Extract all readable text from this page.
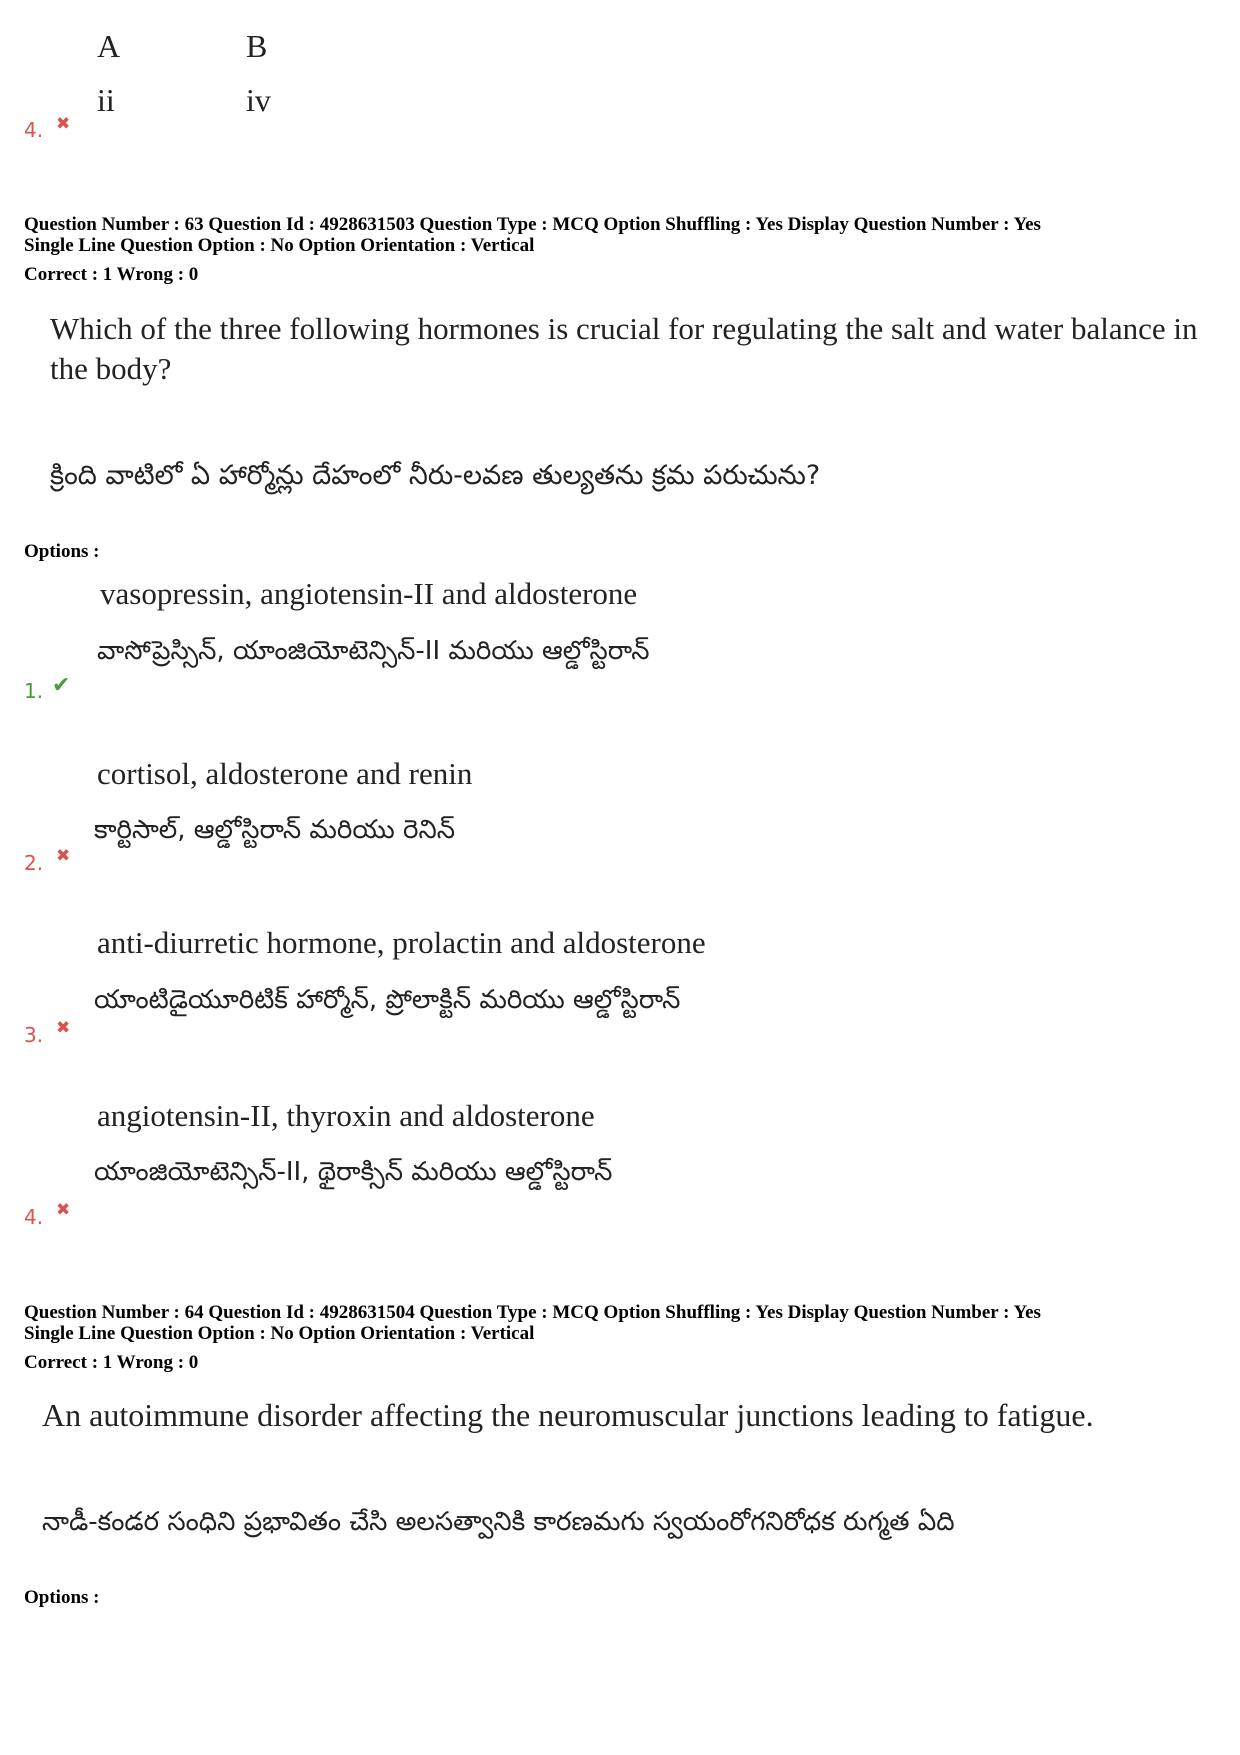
A	B
ii	iv
4. ✖
Question Number : 63 Question Id : 4928631503 Question Type : MCQ Option Shuffling : Yes Display Question Number : Yes
Single Line Question Option : No Option Orientation : Vertical
Correct : 1 Wrong : 0
Which of the three following hormones is crucial for regulating the salt and water balance in the body?
క్రింది వాటిలో ఏ హార్మోన్లు దేహంలో నీరు-లవణ తుల్యతను క్రమ పరుచును?
Options :
vasopressin, angiotensin-II and aldosterone
వాసోప్రెస్సిన్, యాంజియోటెన్సిన్-II మరియు ఆల్డోస్టిరాన్
1. ✔
cortisol, aldosterone and renin
కార్టిసాల్, ఆల్డోస్టిరాన్ మరియు రెనిన్
2. ✖
anti-diurretic hormone, prolactin and aldosterone
యాంటిడైయూరిటిక్ హార్మోన్, ప్రోలాక్టిన్ మరియు ఆల్డోస్టిరాన్
3. ✖
angiotensin-II, thyroxin and aldosterone
యాంజియోటెన్సిన్-II, థైరాక్సిన్ మరియు ఆల్డోస్టిరాన్
4. ✖
Question Number : 64 Question Id : 4928631504 Question Type : MCQ Option Shuffling : Yes Display Question Number : Yes
Single Line Question Option : No Option Orientation : Vertical
Correct : 1 Wrong : 0
An autoimmune disorder affecting the neuromuscular junctions leading to fatigue.
నాడీ-కండర సంధిని ప్రభావితం చేసి అలసత్వానికి కారణమగు స్వయంరోగనిరోధక రుగ్మత ఏది
Options :
